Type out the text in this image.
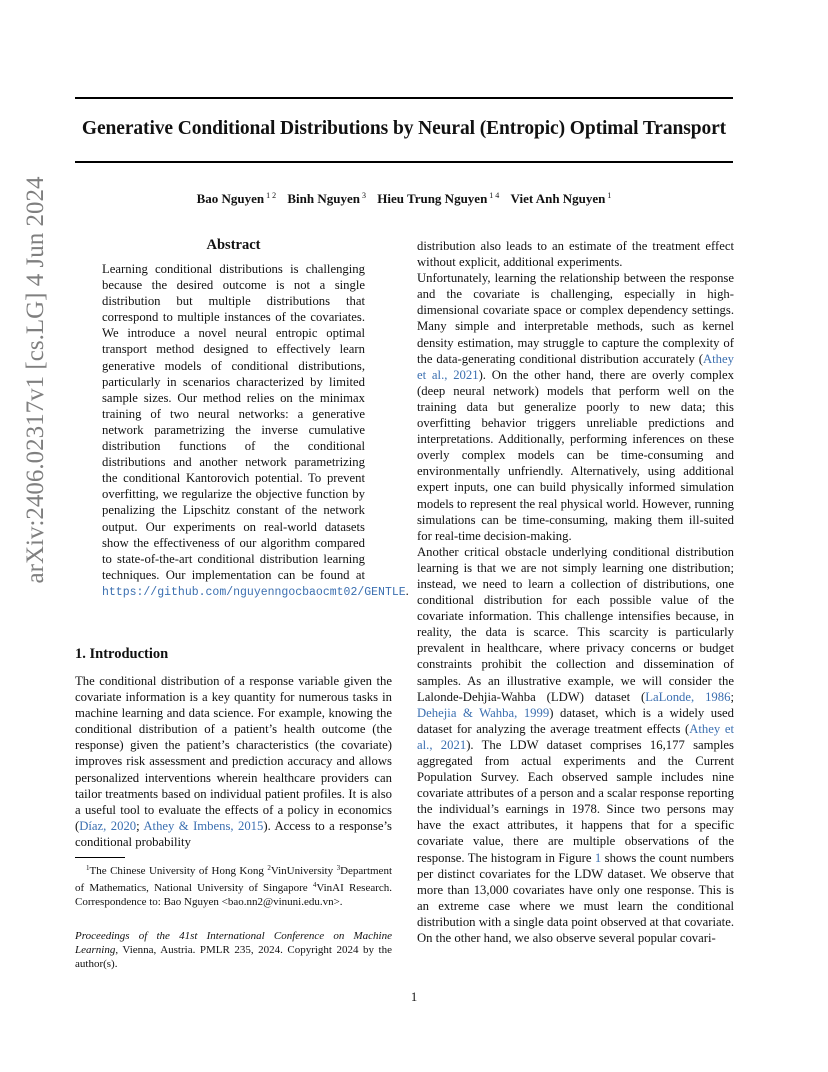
Generative Conditional Distributions by Neural (Entropic) Optimal Transport
Bao Nguyen $^{1 2}$ Binh Nguyen $^3$ Hieu Trung Nguyen $^{1 4}$ Viet Anh Nguyen $^1$
arXiv:2406.02317v1 [cs.LG] 4 Jun 2024	Abstract
Learning conditional distributions is challenging because the desired outcome is not a single distribution but multiple distributions that correspond to multiple instances of the covariates. We introduce a novel neural entropic optimal transport method designed to effectively learn generative models of conditional distributions, particularly in scenarios characterized by limited sample sizes. Our method relies on the minimax training of two neural networks: a generative network parametrizing the inverse cumulative distribution functions of the conditional distributions and another network parametrizing the conditional Kantorovich potential. To prevent overfitting, we regularize the objective function by penalizing the Lipschitz constant of the network output. Our experiments on real-world datasets show the effectiveness of our algorithm compared to state-of-the-art conditional distribution learning techniques. Our implementation can be found at https://github.com/nguyenngocbaocmt02/GENTLE.
1. Introduction
The conditional distribution of a response variable given the covariate information is a key quantity for numerous tasks in machine learning and data science. For example, knowing the conditional distribution of a patient’s health outcome (the response) given the patient’s characteristics (the covariate) improves risk assessment and prediction accuracy and allows personalized interventions wherein healthcare providers can tailor treatments based on individual patient profiles. It is also a useful tool to evaluate the effects of a policy in economics (Díaz, 2020; Athey & Imbens, 2015). Access to a response’s conditional probability
 $^1$The Chinese University of Hong Kong $^2$VinUniversity $^3$Department of Mathematics, National University of Singapore $^4$VinAI Research. Correspondence to: Bao Nguyen <bao.nn2@vinuni.edu.vn>.
Proceedings of the 41st International Conference on Machine Learning, Vienna, Austria. PMLR 235, 2024. Copyright 2024 by the author(s).

distribution also leads to an estimate of the treatment effect without explicit, additional experiments.

Unfortunately, learning the relationship between the response and the covariate is challenging, especially in high-dimensional covariate space or complex dependency settings. Many simple and interpretable methods, such as kernel density estimation, may struggle to capture the complexity of the data-generating conditional distribution accurately (Athey et al., 2021). On the other hand, there are overly complex (deep neural network) models that perform well on the training data but generalize poorly to new data; this overfitting behavior triggers unreliable predictions and interpretations. Additionally, performing inferences on these overly complex models can be time-consuming and environmentally unfriendly. Alternatively, using additional expert inputs, one can build physically informed simulation models to represent the real physical world. However, running simulations can be time-consuming, making them ill-suited for real-time decision-making.

Another critical obstacle underlying conditional distribution learning is that we are not simply learning one distribution; instead, we need to learn a collection of distributions, one conditional distribution for each possible value of the covariate information. This challenge intensifies because, in reality, the data is scarce. This scarcity is particularly prevalent in healthcare, where privacy concerns or budget constraints prohibit the collection and dissemination of samples. As an illustrative example, we will consider the Lalonde-Dehjia-Wahba (LDW) dataset (LaLonde, 1986; Dehejia & Wahba, 1999) dataset, which is a widely used dataset for analyzing the average treatment effects (Athey et al., 2021). The LDW dataset comprises 16,177 samples aggregated from actual experiments and the Current Population Survey. Each observed sample includes nine covariate attributes of a person and a scalar response reporting the individual’s earnings in 1978. Since two persons may have the exact attributes, it happens that for a specific covariate value, there are multiple observations of the response. The histogram in Figure 1 shows the count numbers per distinct covariates for the LDW dataset. We observe that more than 13,000 covariates have only one response. This is an extreme case where we must learn the conditional distribution with a single data point observed at that covariate. On the other hand, we also observe several popular covari-

1
